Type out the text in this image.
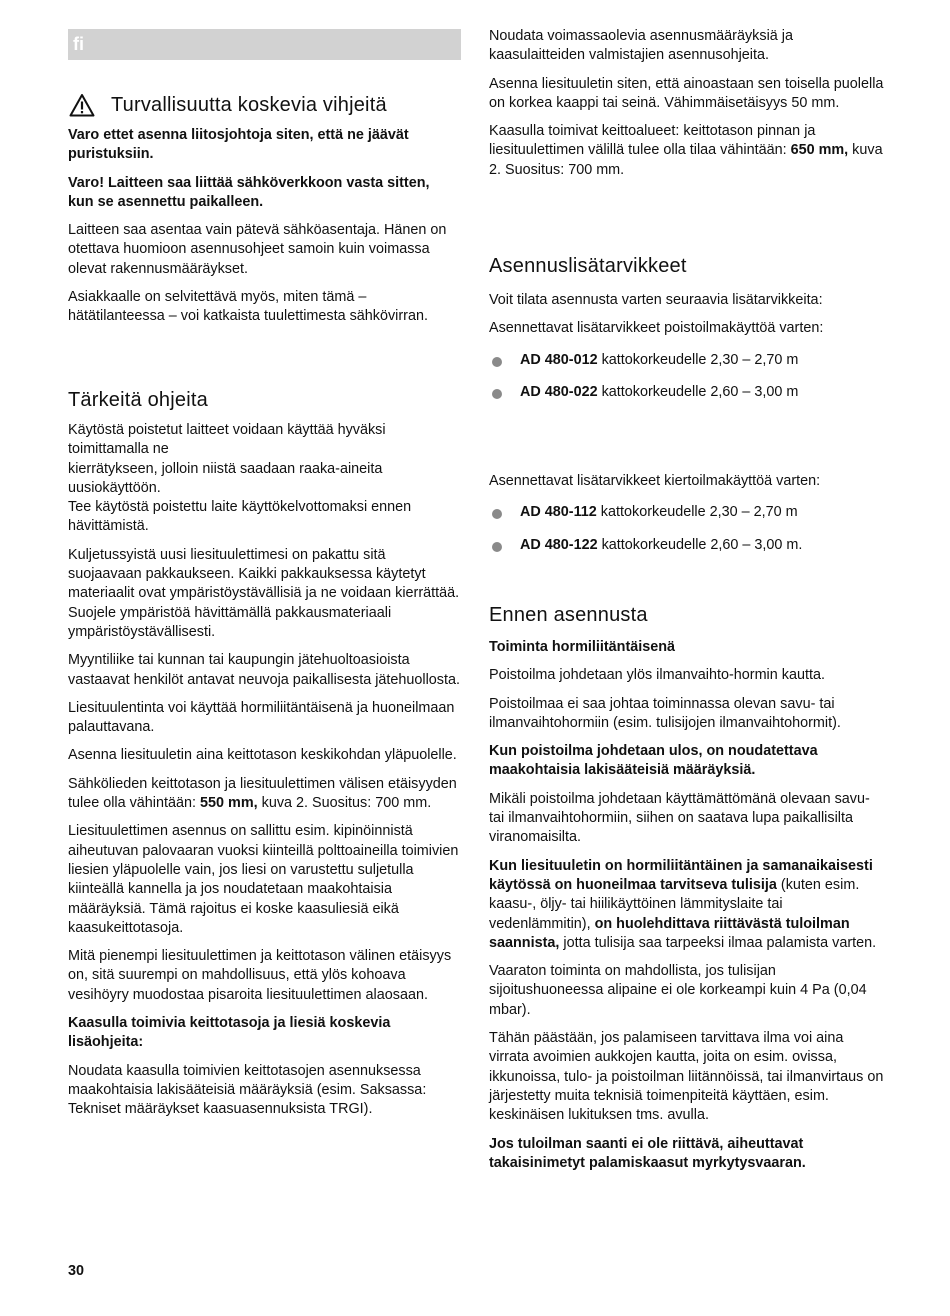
fi
Turvallisuutta koskevia vihjeitä

Varo ettet asenna liitosjohtoja siten, että ne jäävät puristuksiin.

Varo! Laitteen saa liittää sähköverkkoon vasta sitten, kun se asennettu paikalleen.

Laitteen saa asentaa vain pätevä sähköasentaja. Hänen on otettava huomioon asennusohjeet samoin kuin voimassa olevat rakennusmääräykset.

Asiakkaalle on selvitettävä myös, miten tämä – hätätilanteessa – voi katkaista tuulettimesta sähkövirran.

Tärkeitä ohjeita

Käytöstä poistetut laitteet voidaan käyttää hyväksi toimittamalla ne
kierrätykseen, jolloin niistä saadaan raaka-aineita uusiokäyttöön.
Tee käytöstä poistettu laite käyttökelvottomaksi ennen hävittämistä.

Kuljetussyistä uusi liesituulettimesi on pakattu sitä suojaavaan pakkaukseen. Kaikki pakkauksessa käytetyt materiaalit ovat ympäristöystävällisiä ja ne voidaan kierrättää. Suojele ympäristöä hävittämällä pakkausmateriaali ympäristöystävällisesti.

Myyntiliike tai kunnan tai kaupungin jätehuoltoasioista vastaavat henkilöt antavat neuvoja paikallisesta jätehuollosta.

Liesituulentinta voi käyttää hormiliitäntäisenä ja huoneilmaan palauttavana.

Asenna liesituuletin aina keittotason keskikohdan yläpuolelle.

Sähkölieden keittotason ja liesituulettimen välisen etäisyyden tulee olla vähintään: 550 mm, kuva 2. Suositus: 700 mm.

Liesituulettimen asennus on sallittu esim. kipinöinnistä aiheutuvan palovaaran vuoksi kiinteillä polttoaineilla toimivien liesien yläpuolelle vain, jos liesi on varustettu suljetulla kiinteällä kannella ja jos noudatetaan maakohtaisia määräyksiä. Tämä rajoitus ei koske kaasuliesiä eikä kaasukeittotasoja.

Mitä pienempi liesituulettimen ja keittotason välinen etäisyys on, sitä suurempi on mahdollisuus, että ylös kohoava vesihöyry muodostaa pisaroita liesituulettimen alaosaan.

Kaasulla toimivia keittotasoja ja liesiä koskevia lisäohjeita:

Noudata kaasulla toimivien keittotasojen asennuksessa maakohtaisia lakisääteisiä määräyksiä (esim. Saksassa: Tekniset määräykset kaasuasennuksista TRGI).

30

Noudata voimassaolevia asennusmääräyksiä ja kaasulaitteiden valmistajien asennusohjeita.

Asenna liesituuletin siten, että ainoastaan sen toisella puolella on korkea kaappi tai seinä. Vähimmäisetäisyys 50 mm.

Kaasulla toimivat keittoalueet: keittotason pinnan ja liesituulettimen välillä tulee olla tilaa vähintään: 650 mm, kuva 2. Suositus: 700 mm.

Asennuslisätarvikkeet

Voit tilata asennusta varten seuraavia lisätarvikkeita:

Asennettavat lisätarvikkeet poistoilmakäyttöä varten:

AD 480-012 kattokorkeudelle 2,30 – 2,70 m
AD 480-022 kattokorkeudelle 2,60 – 3,00 m

Asennettavat lisätarvikkeet kiertoilmakäyttöä varten:

AD 480-112 kattokorkeudelle 2,30 – 2,70 m
AD 480-122 kattokorkeudelle 2,60 – 3,00 m.
Ennen asennusta

Toiminta hormiliitäntäisenä

Poistoilma johdetaan ylös ilmanvaihto-hormin kautta.

Poistoilmaa ei saa johtaa toiminnassa olevan savu- tai ilmanvaihtohormiin (esim. tulisijojen ilmanvaihtohormit).

Kun poistoilma johdetaan ulos, on noudatettava maakohtaisia lakisääteisiä määräyksiä.

Mikäli poistoilma johdetaan käyttämättömänä olevaan savu- tai ilmanvaihtohormiin, siihen on saatava lupa paikallisilta viranomaisilta.

Kun liesituuletin on hormiliitäntäinen ja samanaikaisesti käytössä on huoneilmaa tarvitseva tulisija (kuten esim. kaasu-, öljy- tai hiilikäyttöinen lämmityslaite tai vedenlämmitin), on huolehdittava riittävästä tuloilman saannista, jotta tulisija saa tarpeeksi ilmaa palamista varten.

Vaaraton toiminta on mahdollista, jos tulisijan sijoitushuoneessa alipaine ei ole korkeampi kuin 4 Pa (0,04 mbar).

Tähän päästään, jos palamiseen tarvittava ilma voi aina virrata avoimien aukkojen kautta, joita on esim. ovissa, ikkunoissa, tulo- ja poistoilman liitännöissä, tai ilmanvirtaus on järjestetty muita teknisiä toimenpiteitä käyttäen, esim. keskinäisen lukituksen tms. avulla.

Jos tuloilman saanti ei ole riittävä, aiheuttavat takaisinimetyt palamiskaasut myrkytysvaaran.
